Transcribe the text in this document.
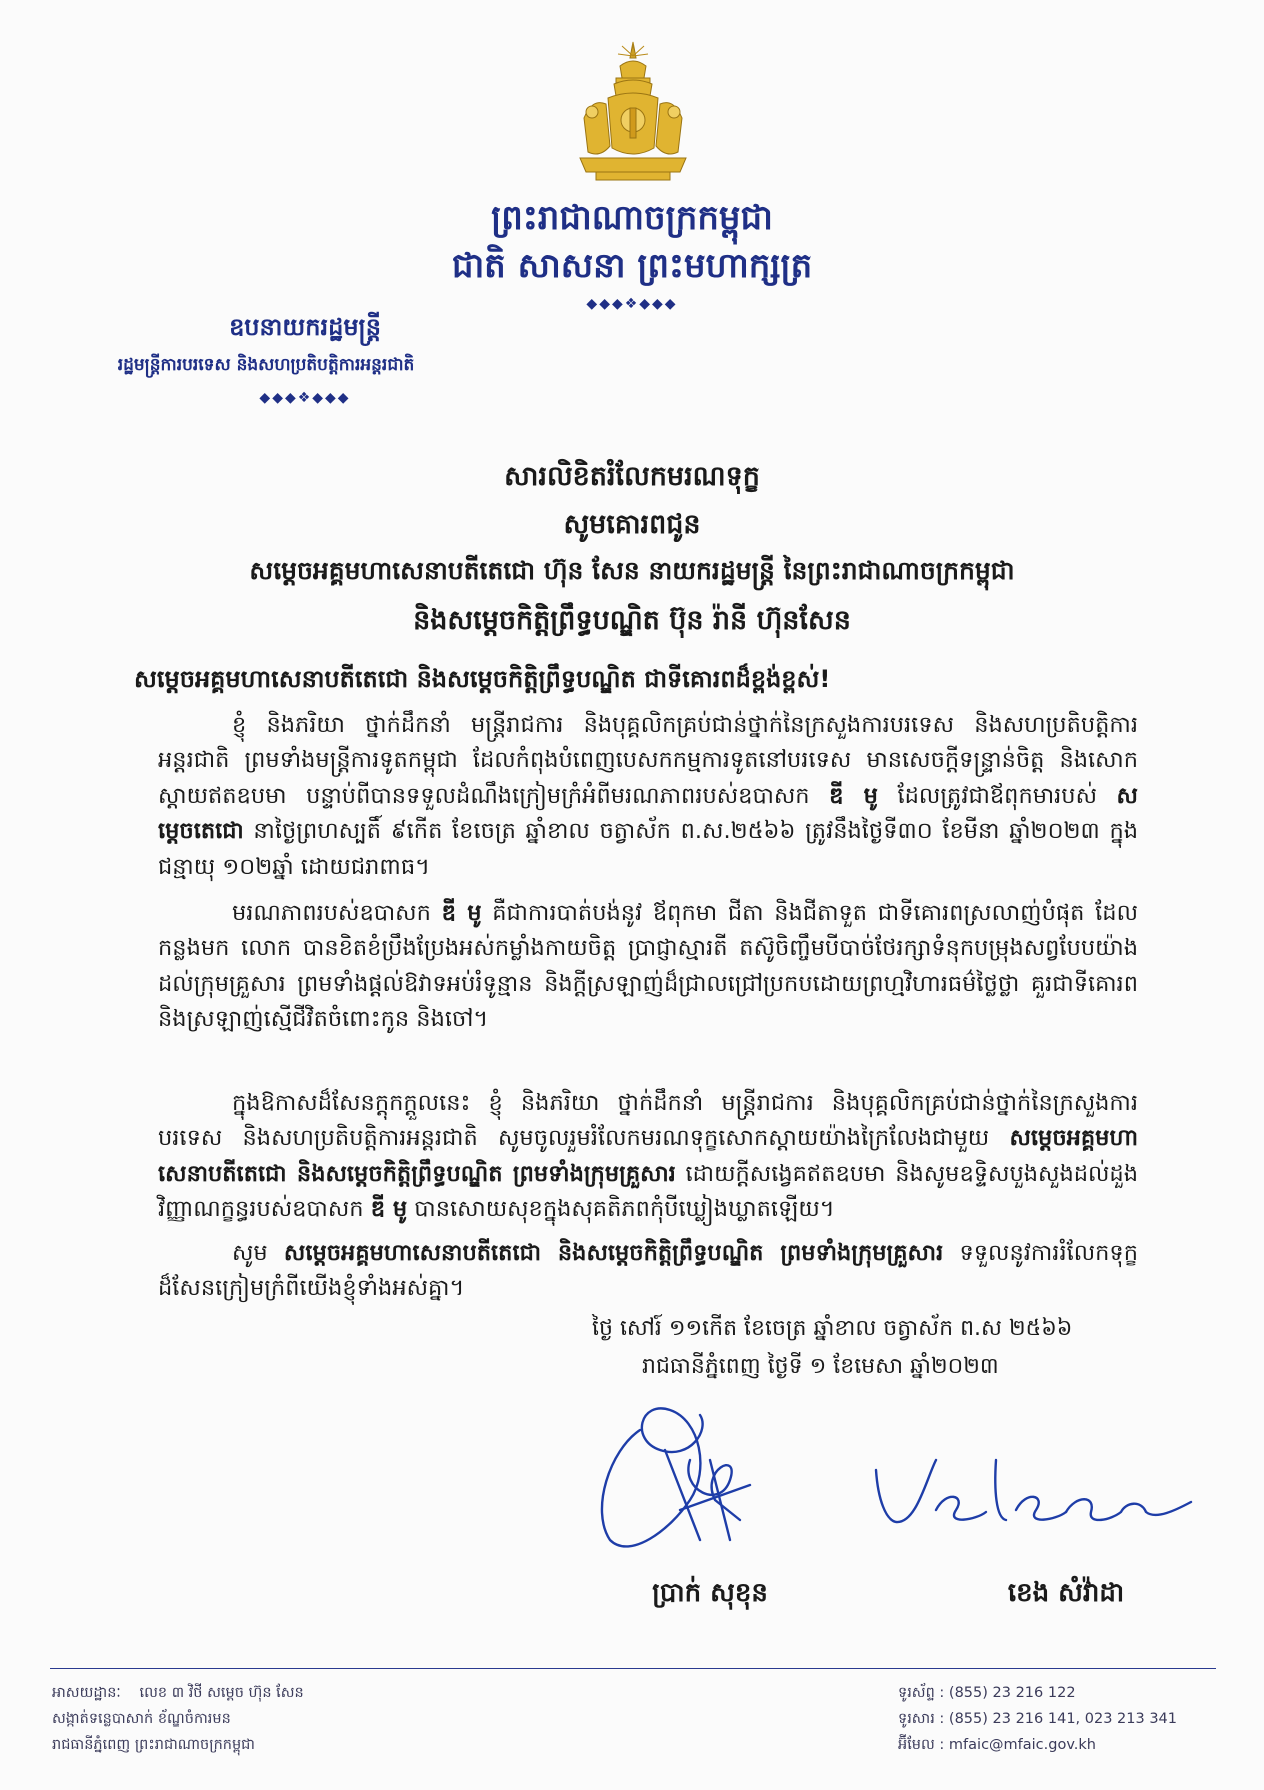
ព្រះរាជាណាចក្រកម្ពុជា
ជាតិ សាសនា ព្រះមហាក្សត្រ
◆◆◆❖◆◆◆
ឧបនាយករដ្ឋមន្ត្រី
រដ្ឋមន្ត្រីការបរទេស និងសហប្រតិបត្តិការអន្តរជាតិ
◆◆◆❖◆◆◆
សារលិខិតរំលែកមរណទុក្ខ
សូមគោរពជូន
សម្តេចអគ្គមហាសេនាបតីតេជោ ហ៊ុន សែន នាយករដ្ឋមន្ត្រី នៃព្រះរាជាណាចក្រកម្ពុជា
និងសម្តេចកិត្តិព្រឹទ្ធបណ្ឌិត ប៊ុន រ៉ានី ហ៊ុនសែន
សម្តេចអគ្គមហាសេនាបតីតេជោ និងសម្តេចកិត្តិព្រឹទ្ធបណ្ឌិត ជាទីគោរពដ៏ខ្ពង់ខ្ពស់!
ខ្ញុំ និងភរិយា ថ្នាក់ដឹកនាំ មន្ត្រីរាជការ និងបុគ្គលិកគ្រប់ជាន់ថ្នាក់នៃក្រសួងការបរទេស និងសហប្រតិបត្តិការអន្តរជាតិ ព្រមទាំងមន្ត្រីការទូតកម្ពុជា ដែលកំពុងបំពេញបេសកកម្មការទូតនៅបរទេស មានសេចក្តីទន្ទ្រាន់ចិត្ត និងសោកស្តាយឥតឧបមា បន្ទាប់ពីបានទទួលដំណឹងក្រៀមក្រំអំពីមរណភាពរបស់ឧបាសក ឌី មូ ដែលត្រូវជាឪពុកមារបស់ សម្តេចតេជោ នាថ្ងៃព្រហស្បតិ៍ ៩កើត ខែចេត្រ ឆ្នាំខាល ចត្វាស័ក ព.ស.២៥៦៦ ត្រូវនឹងថ្ងៃទី៣០ ខែមីនា ឆ្នាំ២០២៣ ក្នុងជន្មាយុ ១០២ឆ្នាំ ដោយជរាពាធ។
មរណភាពរបស់ឧបាសក ឌី មូ គឺជាការបាត់បង់នូវ ឪពុកមា ជីតា និងជីតាទួត ជាទីគោរពស្រលាញ់បំផុត ដែលកន្លងមក លោក បានខិតខំប្រឹងប្រែងអស់កម្លាំងកាយចិត្ត ប្រាជ្ញាស្មារតី តស៊ូចិញ្ចឹមបីបាច់ថែរក្សាទំនុកបម្រុងសព្វបែបយ៉ាងដល់ក្រុមគ្រួសារ ព្រមទាំងផ្តល់ឱវាទអប់រំទូន្មាន និងក្តីស្រឡាញ់ដ៏ជ្រាលជ្រៅប្រកបដោយព្រហ្មវិហារធម៌ថ្លៃថ្លា គួរជាទីគោរព និងស្រឡាញ់ស្មើជីវិតចំពោះកូន និងចៅ។
ក្នុងឱកាសដ៏សែនក្តុកក្តួលនេះ ខ្ញុំ និងភរិយា ថ្នាក់ដឹកនាំ មន្ត្រីរាជការ និងបុគ្គលិកគ្រប់ជាន់ថ្នាក់នៃក្រសួងការបរទេស និងសហប្រតិបត្តិការអន្តរជាតិ សូមចូលរួមរំលែកមរណទុក្ខសោកស្តាយយ៉ាងក្រៃលែងជាមួយ សម្តេចអគ្គមហាសេនាបតីតេជោ និងសម្តេចកិត្តិព្រឹទ្ធបណ្ឌិត ព្រមទាំងក្រុមគ្រួសារ ដោយក្តីសង្វេគឥតឧបមា និងសូមឧទ្ទិសបួងសួងដល់ដួងវិញ្ញាណក្ខន្ធរបស់ឧបាសក ឌី មូ បានសោយសុខក្នុងសុគតិភពកុំបីឃ្លៀងឃ្លាតឡើយ។
សូម សម្តេចអគ្គមហាសេនាបតីតេជោ និងសម្តេចកិត្តិព្រឹទ្ធបណ្ឌិត ព្រមទាំងក្រុមគ្រួសារ ទទួលនូវការរំលែកទុក្ខដ៏សែនក្រៀមក្រំពីយើងខ្ញុំទាំងអស់គ្នា។
ថ្ងៃ សៅរ៍ ១១កើត ខែចេត្រ ឆ្នាំខាល ចត្វាស័ក ព.ស ២៥៦៦
រាជធានីភ្នំពេញ ថ្ងៃទី ១ ខែមេសា ឆ្នាំ២០២៣
ប្រាក់ សុខុន	ខេង សំវ៉ាដា
អាសយដ្ឋានៈ លេខ ៣ វិថី សម្តេច ហ៊ុន សែន
សង្កាត់ទន្លេបាសាក់ ខ័ណ្ឌចំការមន
រាជធានីភ្នំពេញ ព្រះរាជាណាចក្រកម្ពុជា
ទូរស័ព្ទ : (855) 23 216 122
ទូរសារ : (855) 23 216 141, 023 213 341
អ៊ីមែល : mfaic@mfaic.gov.kh
